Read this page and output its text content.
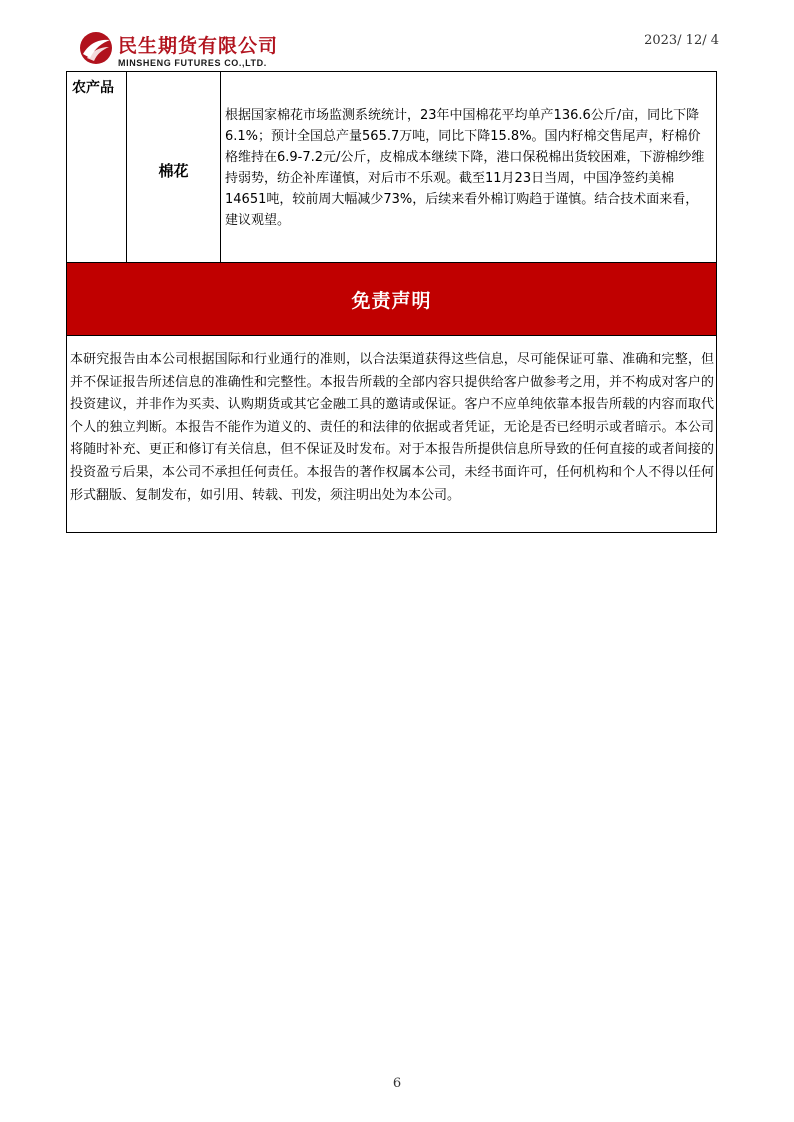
民生期货有限公司
MINSHENG FUTURES CO.,LTD.
2023/ 12/ 4
农产品
棉花

根据国家棉花市场监测系统统计，23年中国棉花平均单产136.6公斤/亩，同比下降6.1%；预计全国总产量565.7万吨，同比下降15.8%。国内籽棉交售尾声，籽棉价格维持在6.9-7.2元/公斤，皮棉成本继续下降，港口保税棉出货较困难，下游棉纱维持弱势，纺企补库谨慎，对后市不乐观。截至11月23日当周，中国净签约美棉14651吨，较前周大幅减少73%，后续来看外棉订购趋于谨慎。结合技术面来看，建议观望。

免责声明

本研究报告由本公司根据国际和行业通行的准则，以合法渠道获得这些信息，尽可能保证可靠、准确和完整，但并不保证报告所述信息的准确性和完整性。本报告所载的全部内容只提供给客户做参考之用，并不构成对客户的投资建议，并非作为买卖、认购期货或其它金融工具的邀请或保证。客户不应单纯依靠本报告所载的内容而取代个人的独立判断。本报告不能作为道义的、责任的和法律的依据或者凭证，无论是否已经明示或者暗示。本公司将随时补充、更正和修订有关信息，但不保证及时发布。对于本报告所提供信息所导致的任何直接的或者间接的投资盈亏后果，本公司不承担任何责任。本报告的著作权属本公司，未经书面许可，任何机构和个人不得以任何形式翻版、复制发布，如引用、转载、刊发，须注明出处为本公司。

6
